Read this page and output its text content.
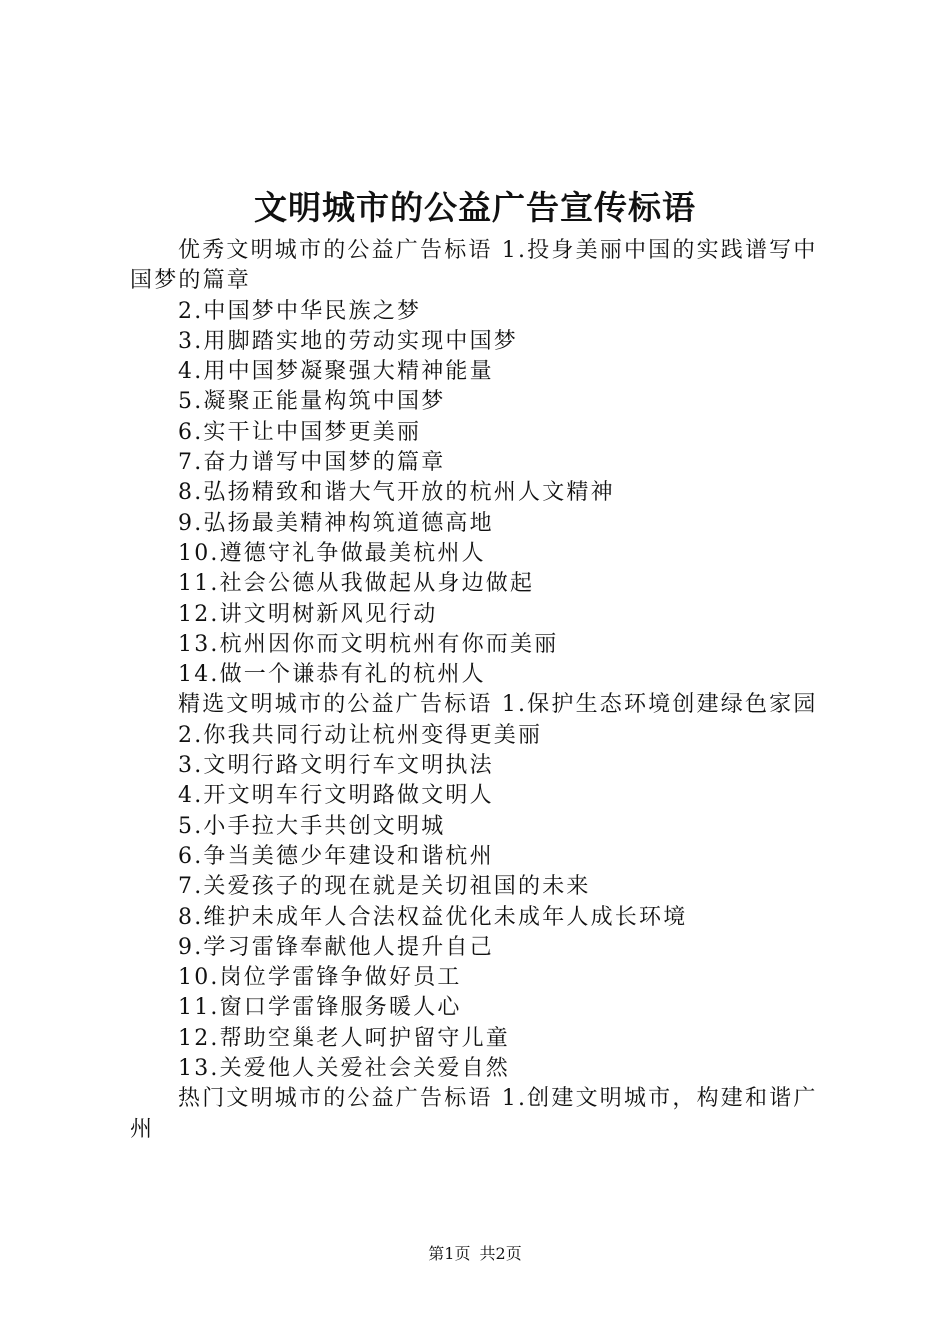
文明城市的公益广告宣传标语

优秀文明城市的公益广告标语 1.投身美丽中国的实践谱写中国梦的篇章

2.中国梦中华民族之梦

3.用脚踏实地的劳动实现中国梦

4.用中国梦凝聚强大精神能量

5.凝聚正能量构筑中国梦

6.实干让中国梦更美丽

7.奋力谱写中国梦的篇章

8.弘扬精致和谐大气开放的杭州人文精神

9.弘扬最美精神构筑道德高地

10.遵德守礼争做最美杭州人

11.社会公德从我做起从身边做起

12.讲文明树新风见行动

13.杭州因你而文明杭州有你而美丽

14.做一个谦恭有礼的杭州人

精选文明城市的公益广告标语 1.保护生态环境创建绿色家园

2.你我共同行动让杭州变得更美丽

3.文明行路文明行车文明执法

4.开文明车行文明路做文明人

5.小手拉大手共创文明城

6.争当美德少年建设和谐杭州

7.关爱孩子的现在就是关切祖国的未来

8.维护未成年人合法权益优化未成年人成长环境

9.学习雷锋奉献他人提升自己

10.岗位学雷锋争做好员工

11.窗口学雷锋服务暖人心

12.帮助空巢老人呵护留守儿童

13.关爱他人关爱社会关爱自然

热门文明城市的公益广告标语 1.创建文明城市，构建和谐广州

第1页 共2页
